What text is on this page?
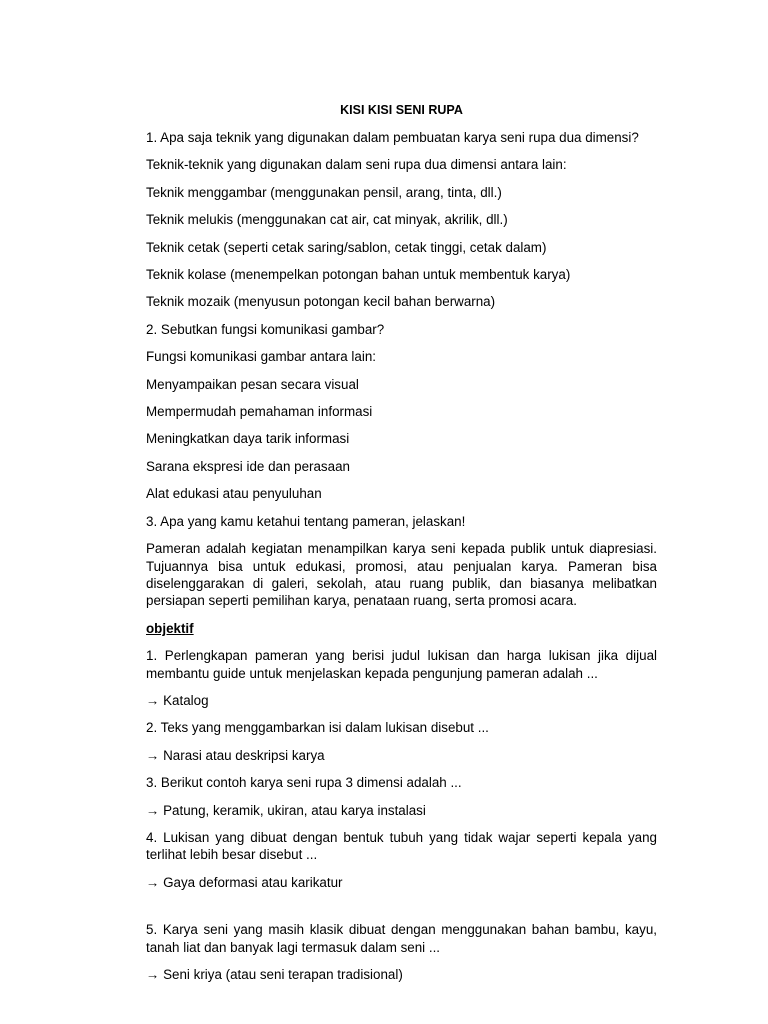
KISI KISI SENI RUPA

1. Apa saja teknik yang digunakan dalam pembuatan karya seni rupa dua dimensi?

Teknik-teknik yang digunakan dalam seni rupa dua dimensi antara lain:

Teknik menggambar (menggunakan pensil, arang, tinta, dll.)

Teknik melukis (menggunakan cat air, cat minyak, akrilik, dll.)

Teknik cetak (seperti cetak saring/sablon, cetak tinggi, cetak dalam)

Teknik kolase (menempelkan potongan bahan untuk membentuk karya)

Teknik mozaik (menyusun potongan kecil bahan berwarna)

2. Sebutkan fungsi komunikasi gambar?

Fungsi komunikasi gambar antara lain:

Menyampaikan pesan secara visual

Mempermudah pemahaman informasi

Meningkatkan daya tarik informasi

Sarana ekspresi ide dan perasaan

Alat edukasi atau penyuluhan

3. Apa yang kamu ketahui tentang pameran, jelaskan!

Pameran adalah kegiatan menampilkan karya seni kepada publik untuk diapresiasi. Tujuannya bisa untuk edukasi, promosi, atau penjualan karya. Pameran bisa diselenggarakan di galeri, sekolah, atau ruang publik, dan biasanya melibatkan persiapan seperti pemilihan karya, penataan ruang, serta promosi acara.

objektif

1. Perlengkapan pameran yang berisi judul lukisan dan harga lukisan jika dijual membantu guide untuk menjelaskan kepada pengunjung pameran adalah ...

→ Katalog

2. Teks yang menggambarkan isi dalam lukisan disebut ...

→ Narasi atau deskripsi karya

3. Berikut contoh karya seni rupa 3 dimensi adalah ...

→ Patung, keramik, ukiran, atau karya instalasi

4. Lukisan yang dibuat dengan bentuk tubuh yang tidak wajar seperti kepala yang terlihat lebih besar disebut ...

→ Gaya deformasi atau karikatur

5. Karya seni yang masih klasik dibuat dengan menggunakan bahan bambu, kayu, tanah liat dan banyak lagi termasuk dalam seni ...

→ Seni kriya (atau seni terapan tradisional)
